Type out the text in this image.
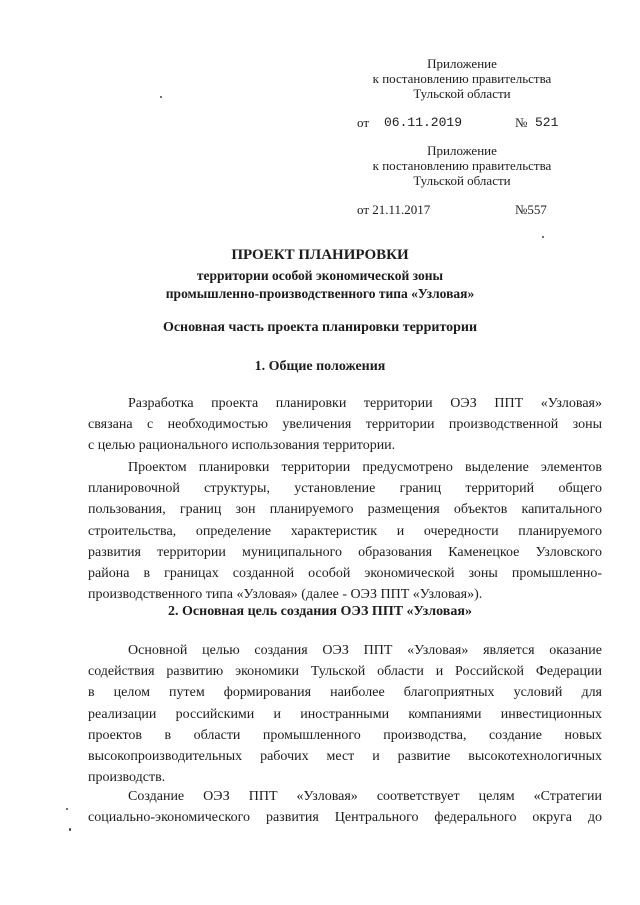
Приложение
к постановлению правительства
Тульской области
от 06.11.2019	№ 521
Приложение
к постановлению правительства
Тульской области
от 21.11.2017	№557
ПРОЕКТ ПЛАНИРОВКИ
территории особой экономической зоны
промышленно-производственного типа «Узловая»
Основная часть проекта планировки территории
1. Общие положения
Разработка проекта планировки территории ОЭЗ ППТ «Узловая»
связана с необходимостью увеличения территории производственной зоны
с целью рационального использования территории.
Проектом планировки территории предусмотрено выделение элементов
планировочной структуры, установление границ территорий общего
пользования, границ зон планируемого размещения объектов капитального
строительства, определение характеристик и очередности планируемого
развития территории муниципального образования Каменецкое Узловского
района в границах созданной особой экономической зоны промышленно-
производственного типа «Узловая» (далее - ОЭЗ ППТ «Узловая»).
2. Основная цель создания ОЭЗ ППТ «Узловая»
Основной целью создания ОЭЗ ППТ «Узловая» является оказание
содействия развитию экономики Тульской области и Российской Федерации
в целом путем формирования наиболее благоприятных условий для
реализации российскими и иностранными компаниями инвестиционных
проектов в области промышленного производства, создание новых
высокопроизводительных рабочих мест и развитие высокотехнологичных
производств.
Создание ОЭЗ ППТ «Узловая» соответствует целям «Стратегии
социально-экономического развития Центрального федерального округа до
